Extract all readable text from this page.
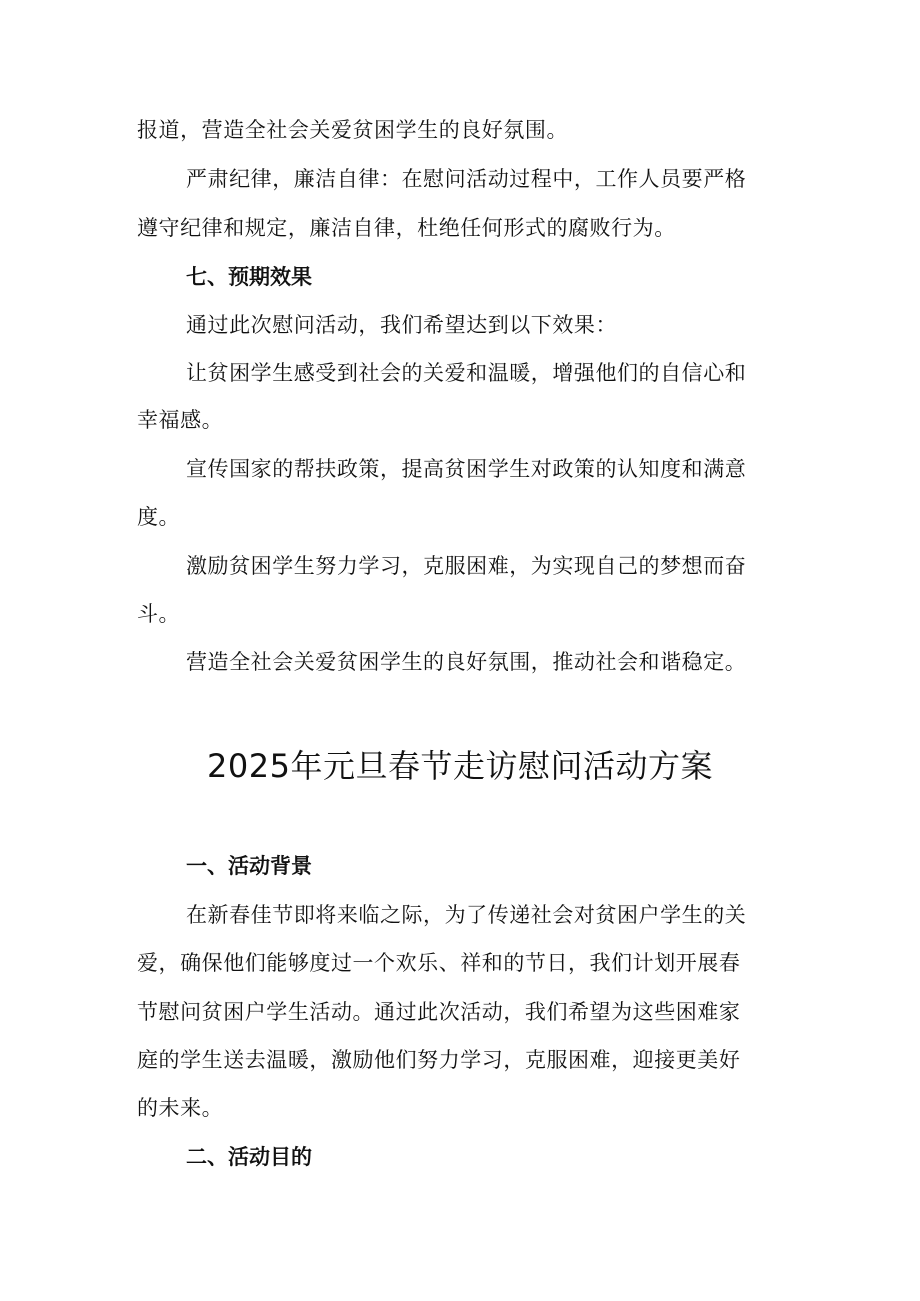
报道，营造全社会关爱贫困学生的良好氛围。
严肃纪律，廉洁自律：在慰问活动过程中，工作人员要严格
遵守纪律和规定，廉洁自律，杜绝任何形式的腐败行为。
七、预期效果
通过此次慰问活动，我们希望达到以下效果：
让贫困学生感受到社会的关爱和温暖，增强他们的自信心和
幸福感。
宣传国家的帮扶政策，提高贫困学生对政策的认知度和满意
度。
激励贫困学生努力学习，克服困难，为实现自己的梦想而奋
斗。
营造全社会关爱贫困学生的良好氛围，推动社会和谐稳定。
2025年元旦春节走访慰问活动方案
一、活动背景
在新春佳节即将来临之际，为了传递社会对贫困户学生的关
爱，确保他们能够度过一个欢乐、祥和的节日，我们计划开展春
节慰问贫困户学生活动。通过此次活动，我们希望为这些困难家
庭的学生送去温暖，激励他们努力学习，克服困难，迎接更美好
的未来。
二、活动目的
